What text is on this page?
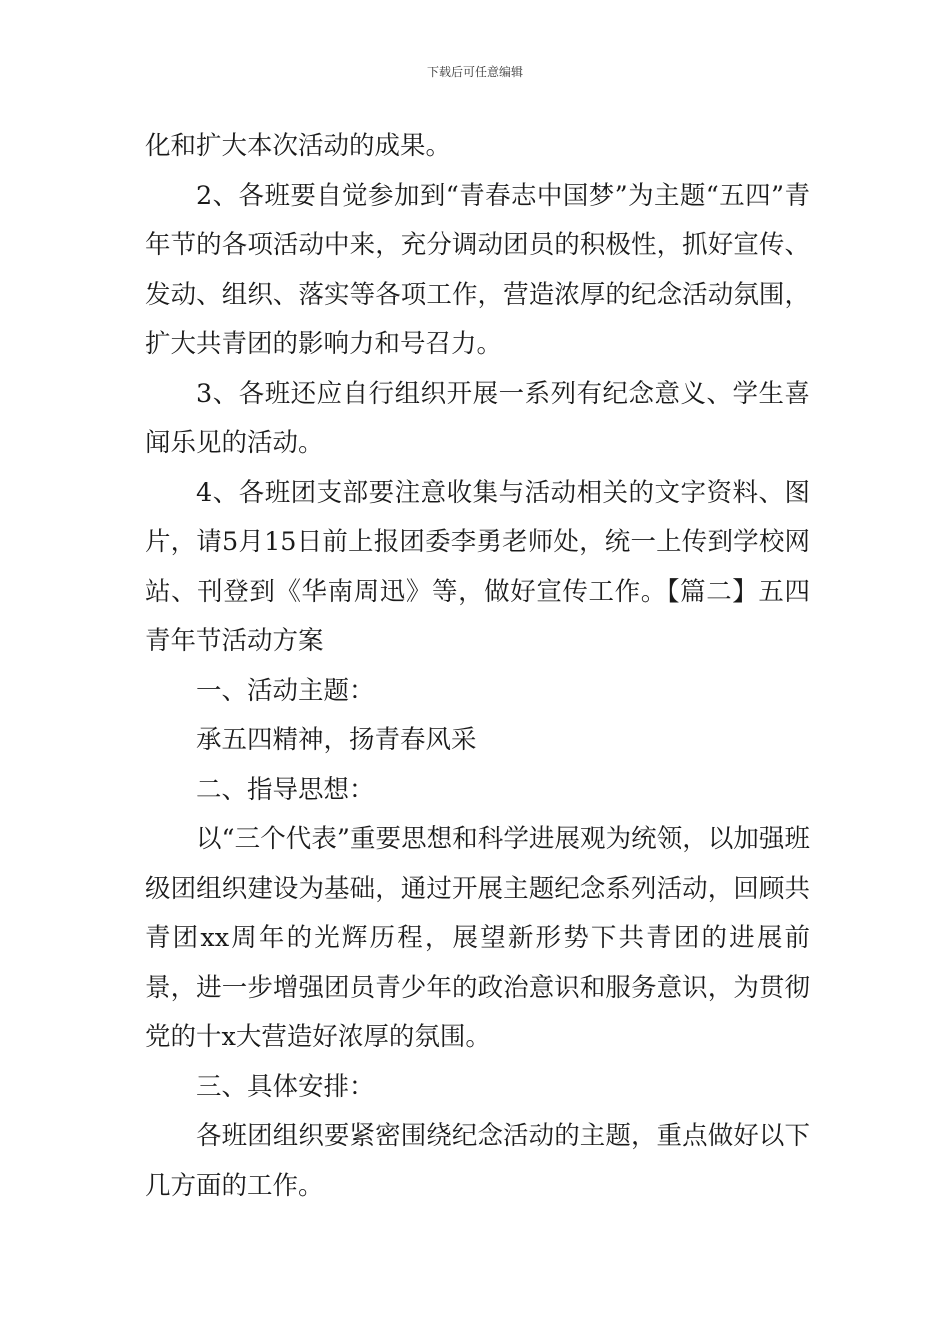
下载后可任意编辑

化和扩大本次活动的成果。

2、各班要自觉参加到“青春志中国梦”为主题“五四”青年节的各项活动中来，充分调动团员的积极性，抓好宣传、发动、组织、落实等各项工作，营造浓厚的纪念活动氛围，扩大共青团的影响力和号召力。

3、各班还应自行组织开展一系列有纪念意义、学生喜闻乐见的活动。

4、各班团支部要注意收集与活动相关的文字资料、图片，请5月15日前上报团委李勇老师处，统一上传到学校网站、刊登到《华南周迅》等，做好宣传工作。【篇二】五四青年节活动方案

一、活动主题：

承五四精神，扬青春风采

二、指导思想：

以“三个代表”重要思想和科学进展观为统领，以加强班级团组织建设为基础，通过开展主题纪念系列活动，回顾共青团xx周年的光辉历程，展望新形势下共青团的进展前景，进一步增强团员青少年的政治意识和服务意识，为贯彻党的十x大营造好浓厚的氛围。

三、具体安排：

各班团组织要紧密围绕纪念活动的主题，重点做好以下几方面的工作。
